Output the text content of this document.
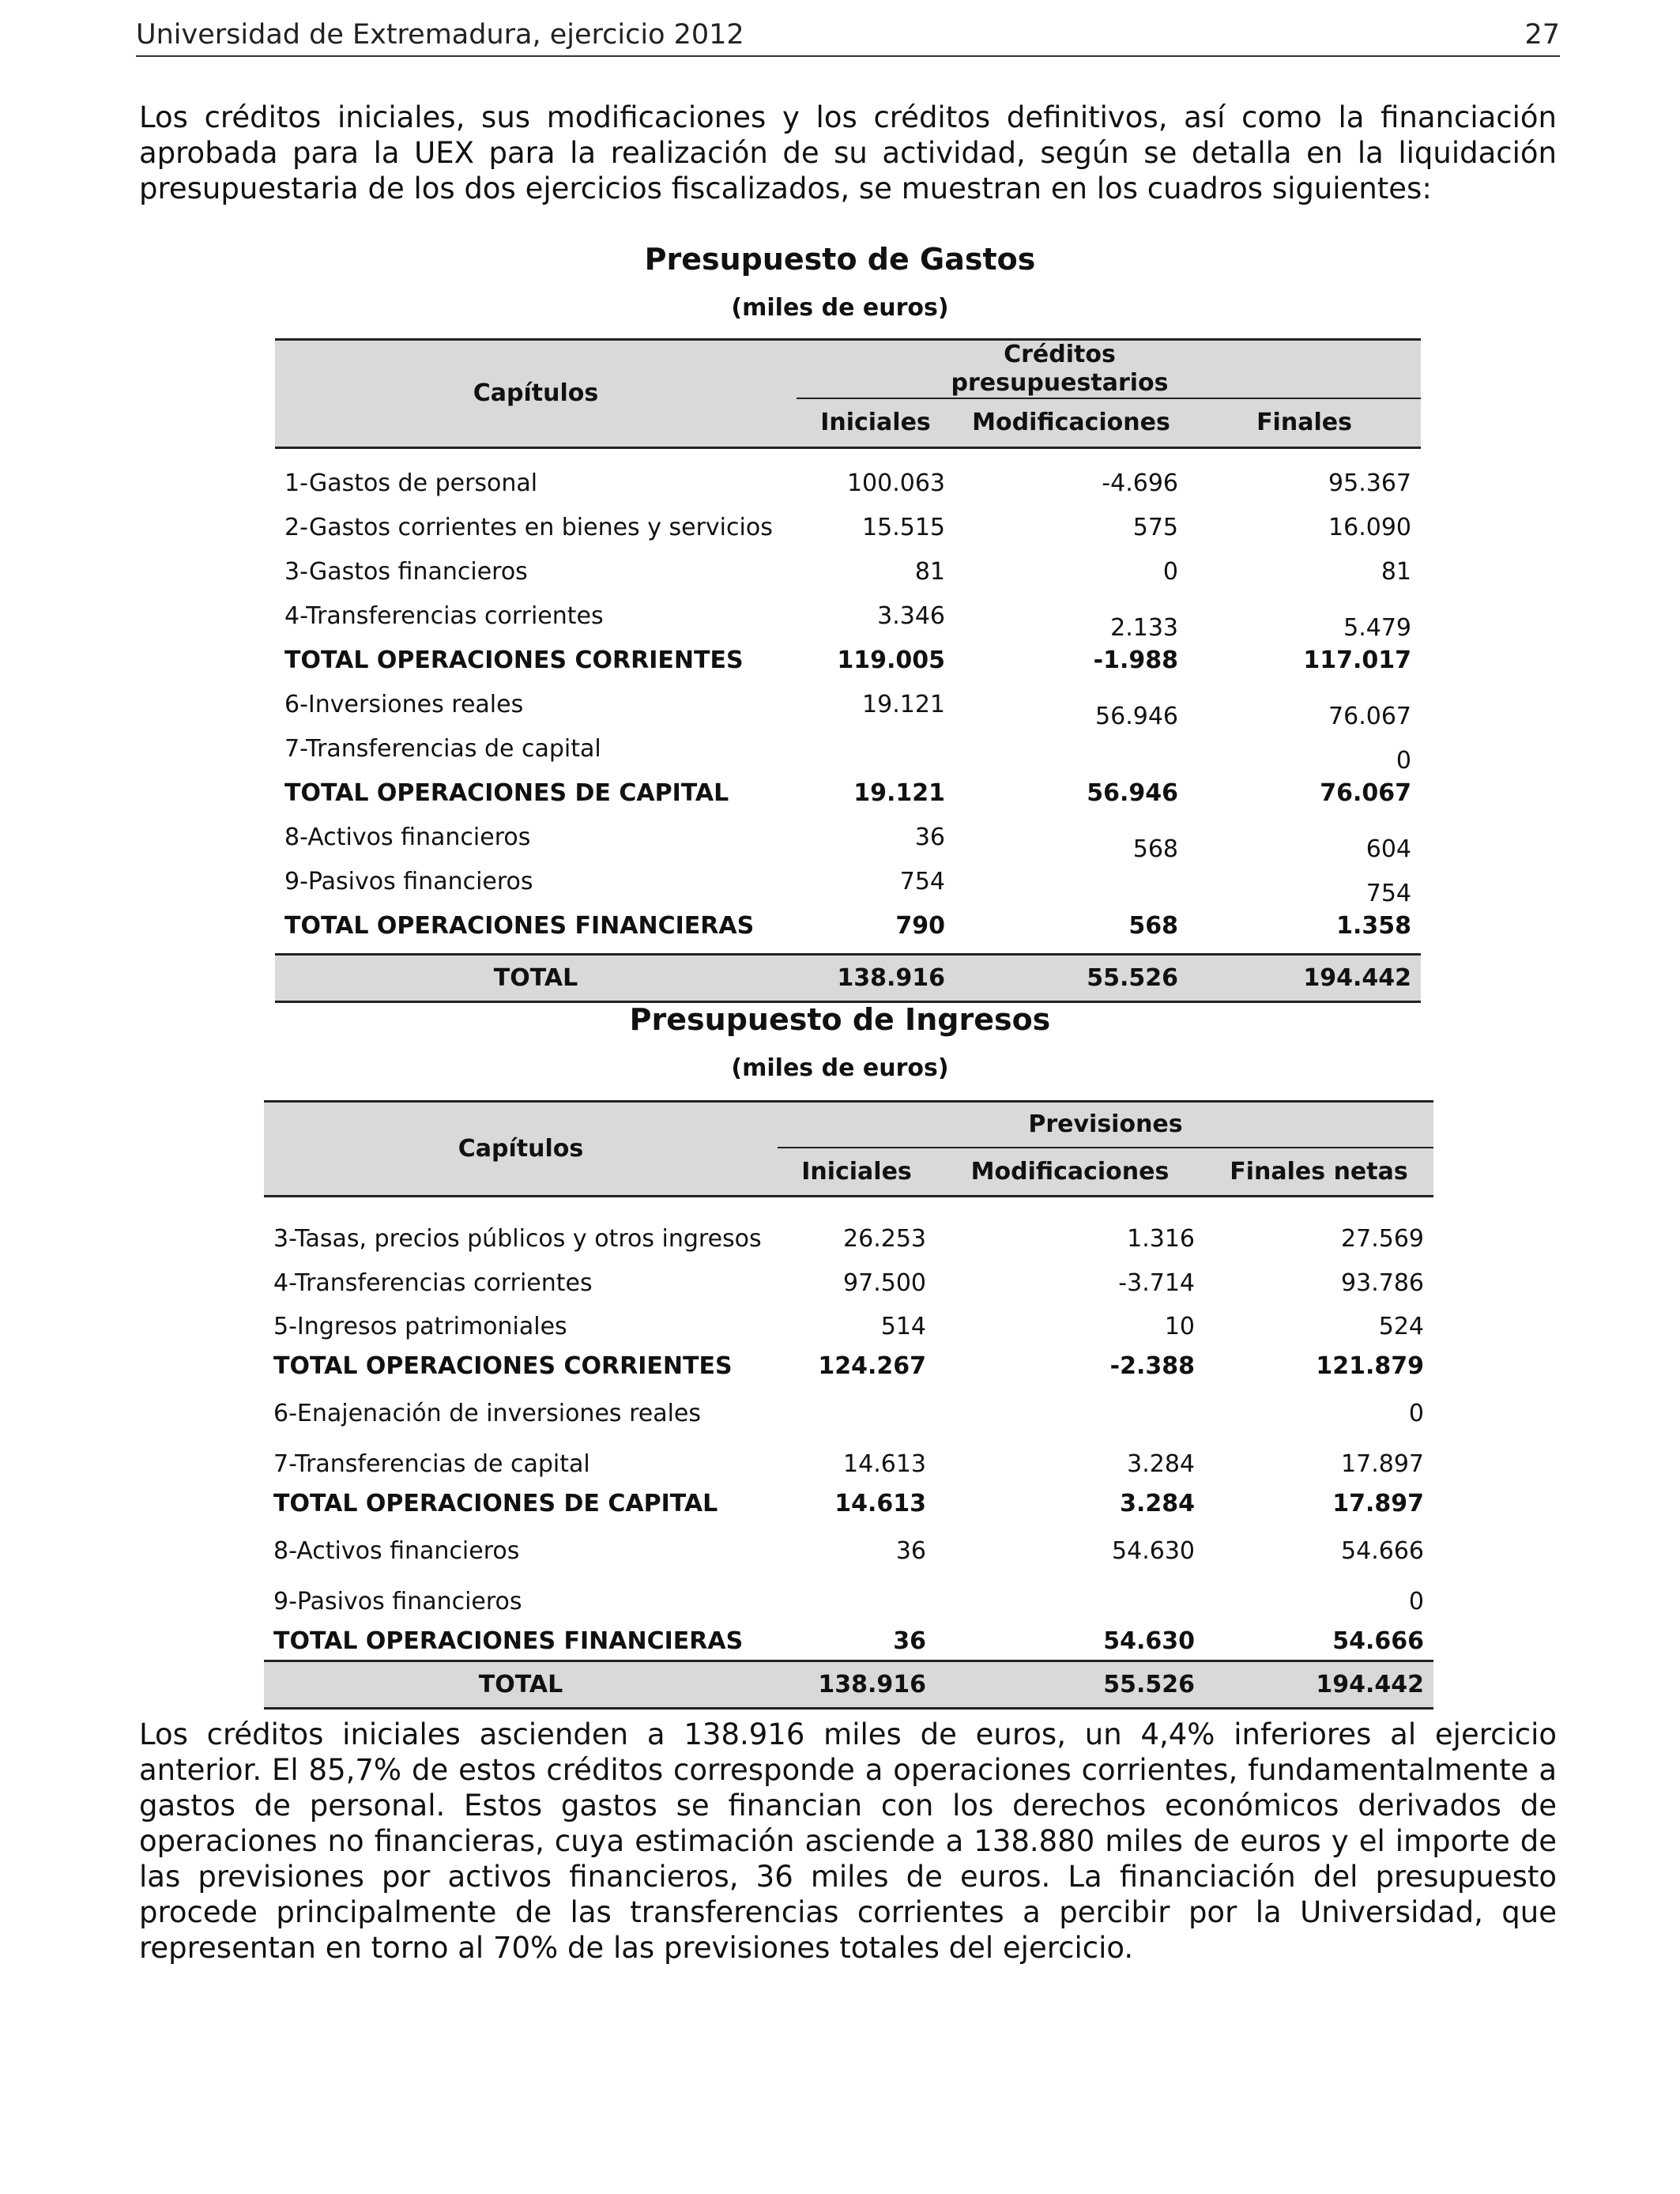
Universidad de Extremadura, ejercicio 2012	27
Los créditos iniciales, sus modificaciones y los créditos definitivos, así como la financiación
aprobada para la UEX para la realización de su actividad, según se detalla en la liquidación
presupuestaria de los dos ejercicios fiscalizados, se muestran en los cuadros siguientes:
Presupuesto de Gastos
(miles de euros)
Capítulos	Créditos presupuestarios		
	Iniciales	Modificaciones	Finales

1-Gastos de personal	100.063	-4.696	95.367
2-Gastos corrientes en bienes y servicios	15.515	575	16.090
3-Gastos financieros	81	0	81
4-Transferencias corrientes	3.346	2.133	5.479
TOTAL OPERACIONES CORRIENTES	119.005	-1.988	117.017
6-Inversiones reales	19.121	56.946	76.067
7-Transferencias de capital			0
TOTAL OPERACIONES DE CAPITAL	19.121	56.946	76.067
8-Activos financieros	36	568	604
9-Pasivos financieros	754		754
TOTAL OPERACIONES FINANCIERAS	790	568	1.358
TOTAL	138.916	55.526	194.442
Presupuesto de Ingresos
(miles de euros)
Capítulos	Previsiones		
	Iniciales	Modificaciones	Finales netas

3-Tasas, precios públicos y otros ingresos	26.253	1.316	27.569
4-Transferencias corrientes	97.500	-3.714	93.786
5-Ingresos patrimoniales	514	10	524
TOTAL OPERACIONES CORRIENTES	124.267	-2.388	121.879
6-Enajenación de inversiones reales			0
7-Transferencias de capital	14.613	3.284	17.897
TOTAL OPERACIONES DE CAPITAL	14.613	3.284	17.897
8-Activos financieros	36	54.630	54.666
9-Pasivos financieros			0
TOTAL OPERACIONES FINANCIERAS	36	54.630	54.666
TOTAL	138.916	55.526	194.442
Los créditos iniciales ascienden a 138.916 miles de euros, un 4,4% inferiores al ejercicio
anterior. El 85,7% de estos créditos corresponde a operaciones corrientes, fundamentalmente a
gastos de personal. Estos gastos se financian con los derechos económicos derivados de
operaciones no financieras, cuya estimación asciende a 138.880 miles de euros y el importe de
las previsiones por activos financieros, 36 miles de euros. La financiación del presupuesto
procede principalmente de las transferencias corrientes a percibir por la Universidad, que
representan en torno al 70% de las previsiones totales del ejercicio.
